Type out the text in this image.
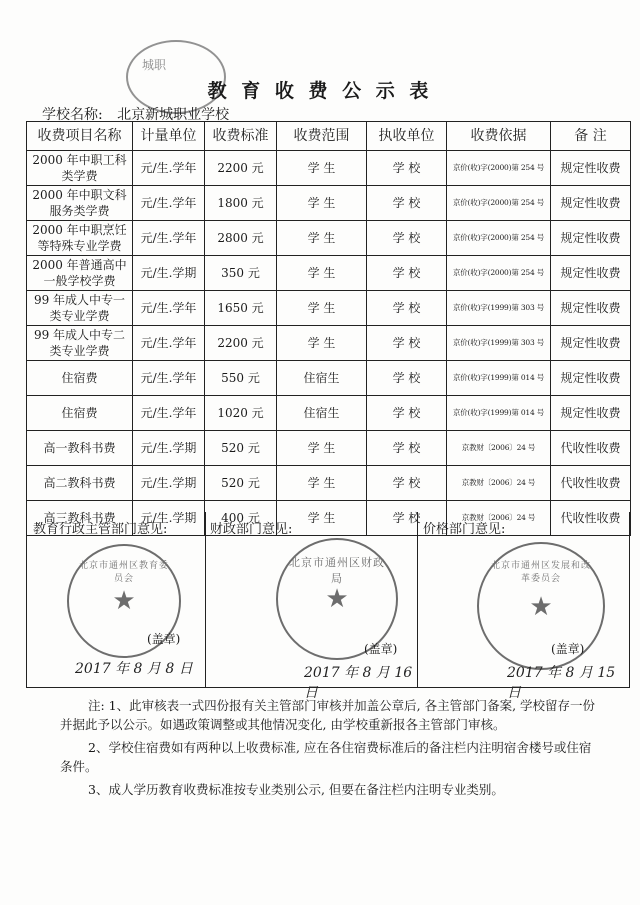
城职
教 育 收 费 公 示 表
学校名称: 北京新城职业学校
收费项目名称	计量单位	收费标准	收费范围	执收单位	收费依据	备 注
2000 年中职工科类学费	元/生.学年	2200 元	学 生	学 校	京价(收)字(2000)第 254 号	规定性收费
2000 年中职文科服务类学费	元/生.学年	1800 元	学 生	学 校	京价(收)字(2000)第 254 号	规定性收费
2000 年中职烹饪等特殊专业学费	元/生.学年	2800 元	学 生	学 校	京价(收)字(2000)第 254 号	规定性收费
2000 年普通高中一般学校学费	元/生.学期	350 元	学 生	学 校	京价(收)字(2000)第 254 号	规定性收费
99 年成人中专一类专业学费	元/生.学年	1650 元	学 生	学 校	京价(收)字(1999)第 303 号	规定性收费
99 年成人中专二类专业学费	元/生.学年	2200 元	学 生	学 校	京价(收)字(1999)第 303 号	规定性收费
住宿费	元/生.学年	550 元	住宿生	学 校	京价(收)字(1999)第 014 号	规定性收费
住宿费	元/生.学年	1020 元	住宿生	学 校	京价(收)字(1999)第 014 号	规定性收费
高一教科书费	元/生.学期	520 元	学 生	学 校	京教财〔2006〕24 号	代收性收费
高二教科书费	元/生.学期	520 元	学 生	学 校	京教财〔2006〕24 号	代收性收费
高三教科书费	元/生.学期	400 元	学 生	学 校	京教财〔2006〕24 号	代收性收费
教育行政主管部门意见:
北京市通州区教育委员会
★
(盖章)
2017 年 8 月 8 日
财政部门意见:
北京市通州区财政局
★
(盖章)
2017 年 8 月 16 日
价格部门意见:
北京市通州区发展和改革委员会
★
(盖章)
2017 年 8 月 15 日

注: 1、此审核表一式四份报有关主管部门审核并加盖公章后, 各主管部门备案, 学校留存一份并据此予以公示。如遇政策调整或其他情况变化, 由学校重新报各主管部门审核。

2、学校住宿费如有两种以上收费标准, 应在各住宿费标准后的备注栏内注明宿舍楼号或住宿条件。

3、成人学历教育收费标准按专业类别公示, 但要在备注栏内注明专业类别。
